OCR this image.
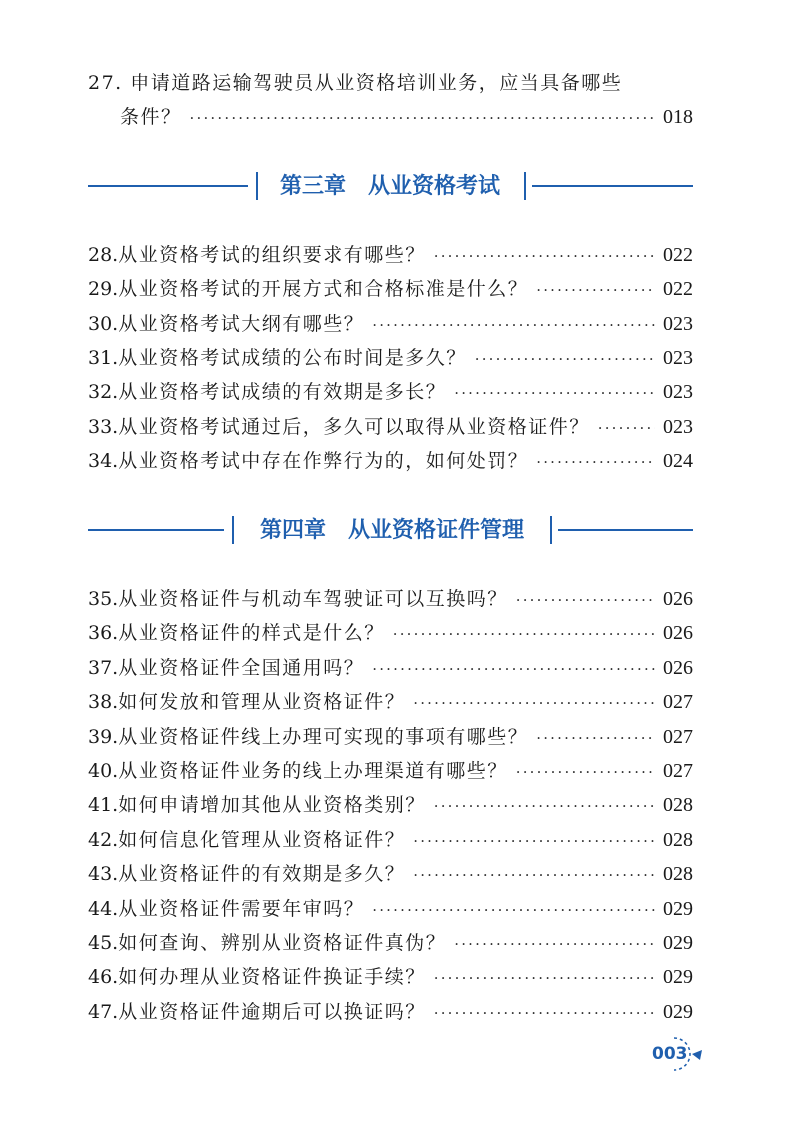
27. 申请道路运输驾驶员从业资格培训业务，应当具备哪些
条件？ ·····	018
第三章 从业资格考试
28. 从业资格考试的组织要求有哪些？ ·····	022
29. 从业资格考试的开展方式和合格标准是什么？ ·····	022
30. 从业资格考试大纲有哪些？ ·····	023
31. 从业资格考试成绩的公布时间是多久？ ·····	023
32. 从业资格考试成绩的有效期是多长？ ·····	023
33. 从业资格考试通过后，多久可以取得从业资格证件？ ·····	023
34. 从业资格考试中存在作弊行为的，如何处罚？ ·····	024
第四章 从业资格证件管理
35. 从业资格证件与机动车驾驶证可以互换吗？ ·····	026
36. 从业资格证件的样式是什么？ ·····	026
37. 从业资格证件全国通用吗？ ·····	026
38. 如何发放和管理从业资格证件？ ·····	027
39. 从业资格证件线上办理可实现的事项有哪些？ ·····	027
40. 从业资格证件业务的线上办理渠道有哪些？ ·····	027
41. 如何申请增加其他从业资格类别？ ·····	028
42. 如何信息化管理从业资格证件？ ·····	028
43. 从业资格证件的有效期是多久？ ·····	028
44. 从业资格证件需要年审吗？ ·····	029
45. 如何查询、辨别从业资格证件真伪？ ·····	029
46. 如何办理从业资格证件换证手续？ ·····	029
47. 从业资格证件逾期后可以换证吗？ ·····	029
003
